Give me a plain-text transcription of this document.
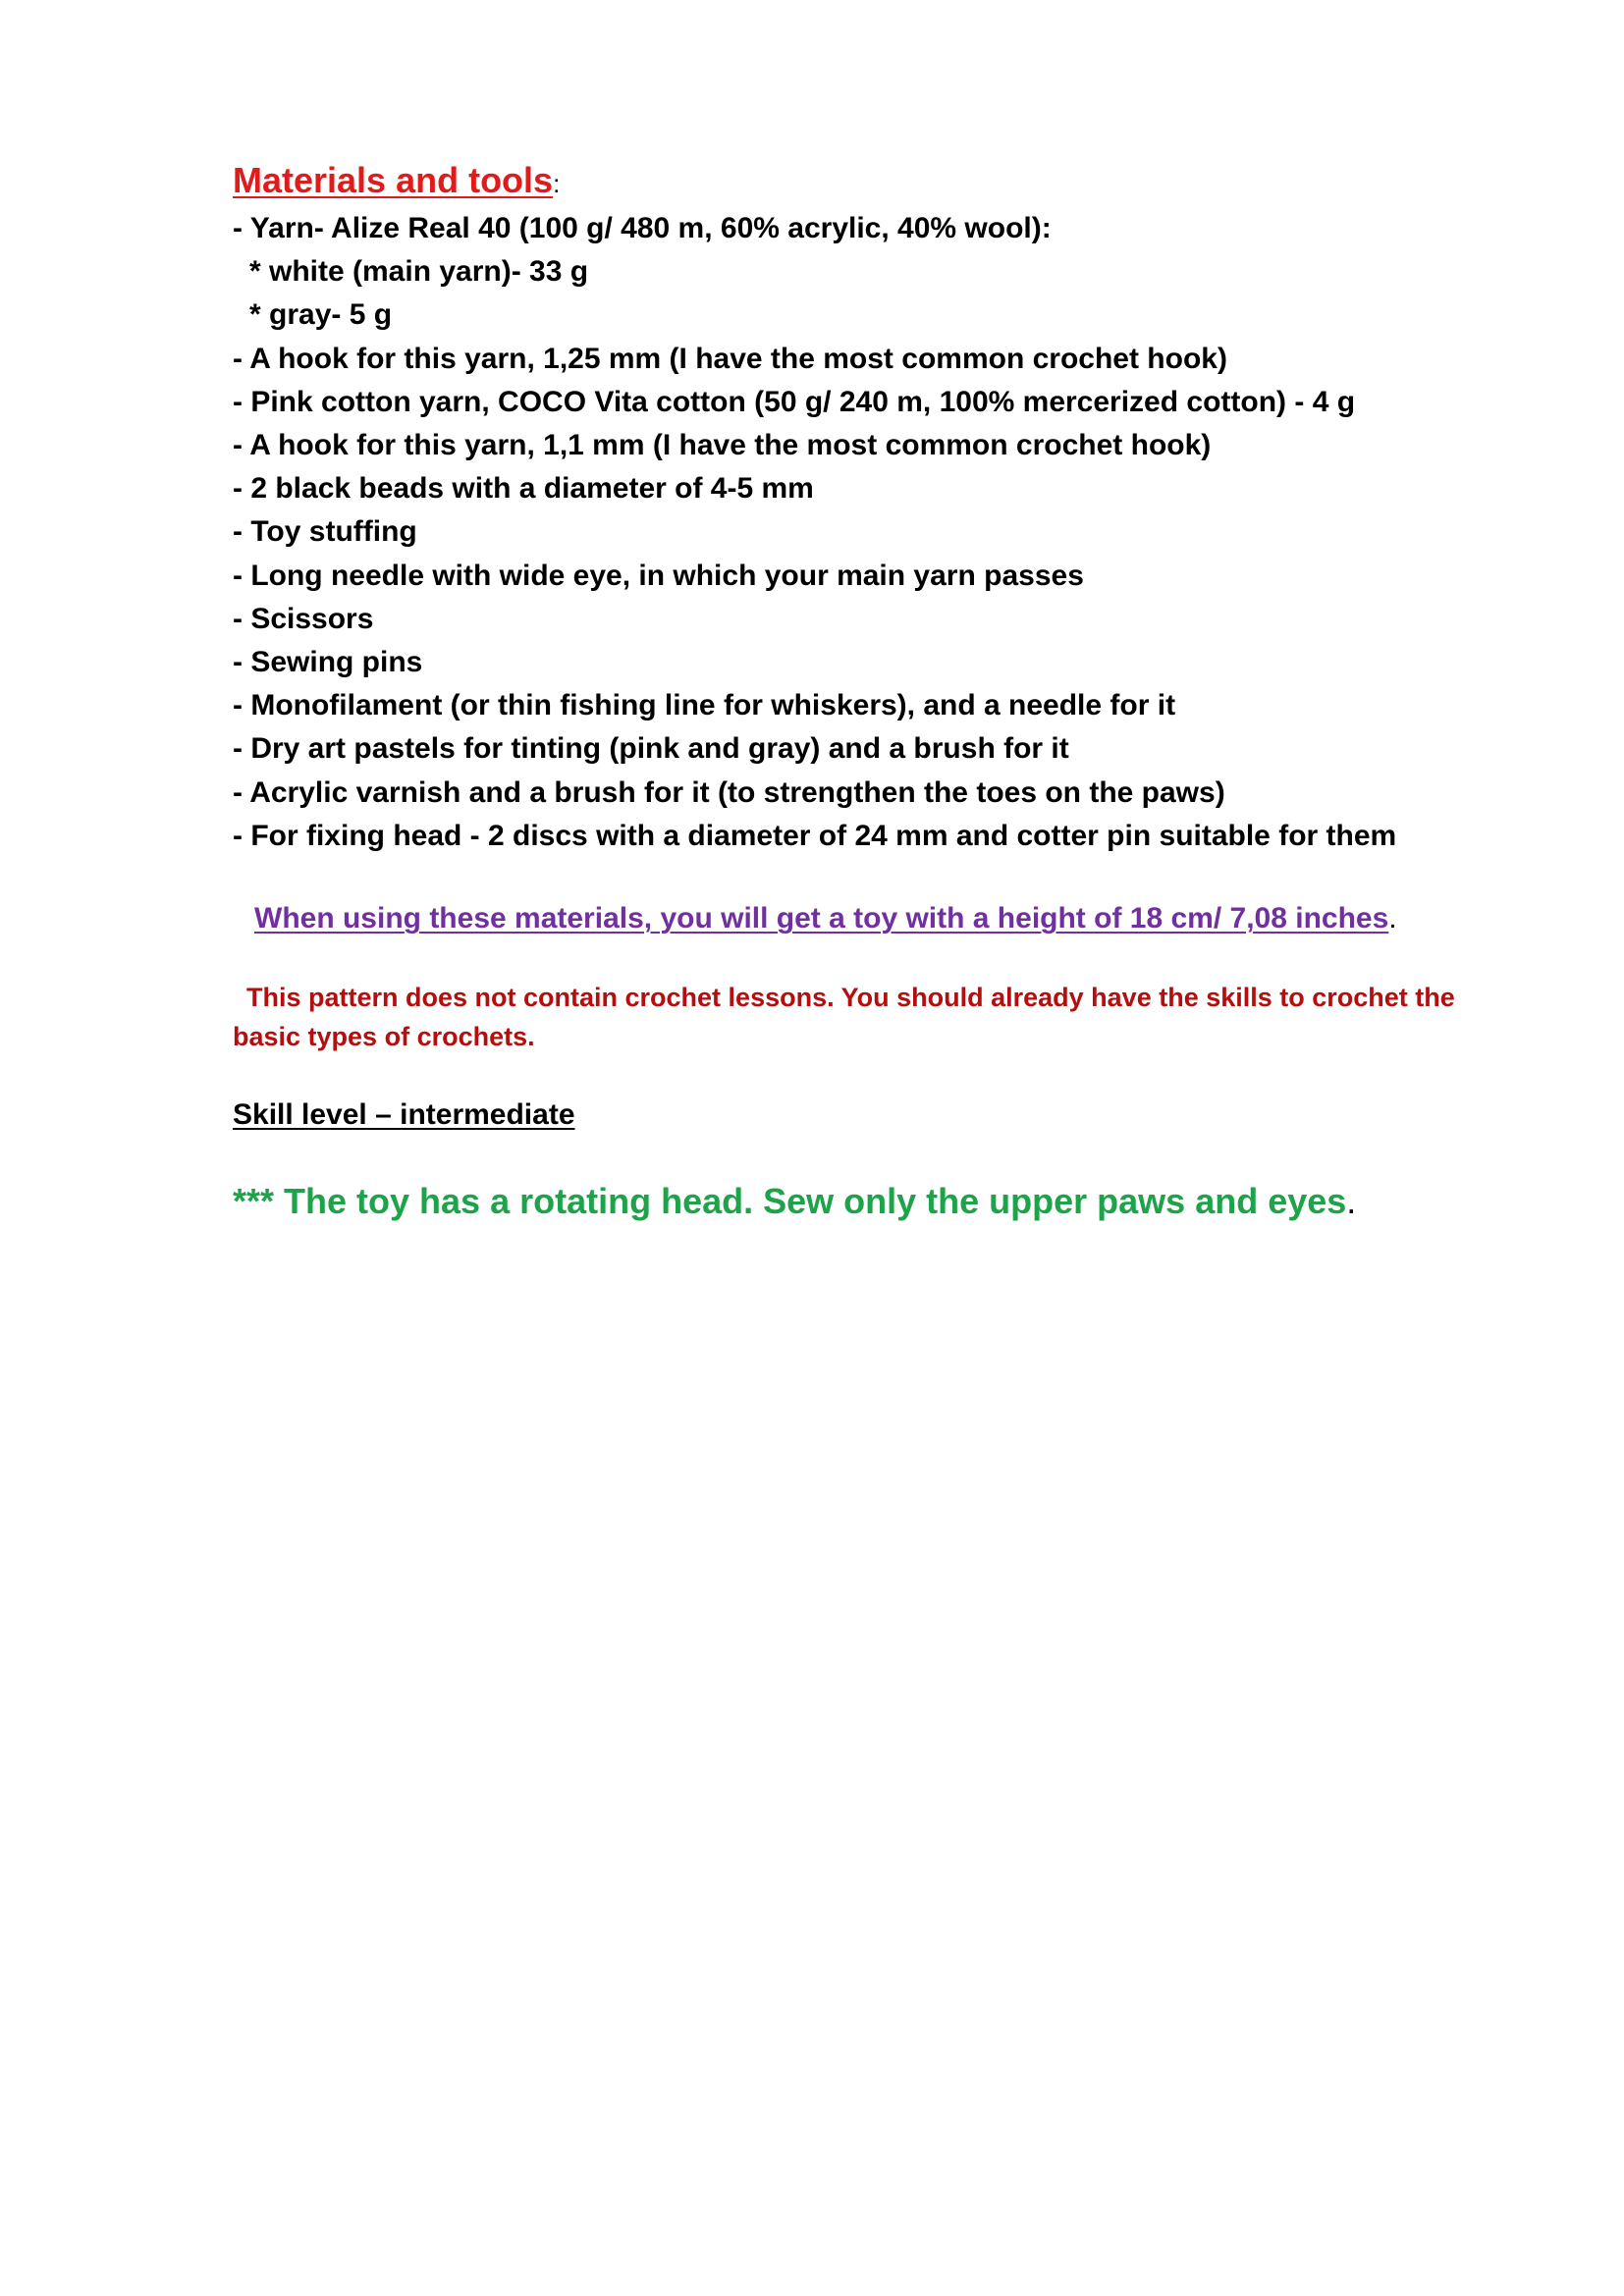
Materials and tools:
- Yarn- Alize Real 40 (100 g/ 480 m, 60% acrylic, 40% wool):
* white (main yarn)- 33 g
* gray- 5 g
- A hook for this yarn, 1,25 mm (I have the most common crochet hook)
- Pink cotton yarn, COCO Vita cotton (50 g/ 240 m, 100% mercerized cotton) - 4 g
- A hook for this yarn, 1,1 mm (I have the most common crochet hook)
- 2 black beads with a diameter of 4-5 mm
- Toy stuffing
- Long needle with wide eye, in which your main yarn passes
- Scissors
- Sewing pins
- Monofilament (or thin fishing line for whiskers), and a needle for it
- Dry art pastels for tinting (pink and gray) and a brush for it
- Acrylic varnish and a brush for it (to strengthen the toes on the paws)
- For fixing head - 2 discs with a diameter of 24 mm and cotter pin suitable for them
When using these materials, you will get a toy with a height of 18 cm/ 7,08 inches.
This pattern does not contain crochet lessons. You should already have the skills to crochet the basic types of crochets.
Skill level – intermediate
*** The toy has a rotating head. Sew only the upper paws and eyes.
